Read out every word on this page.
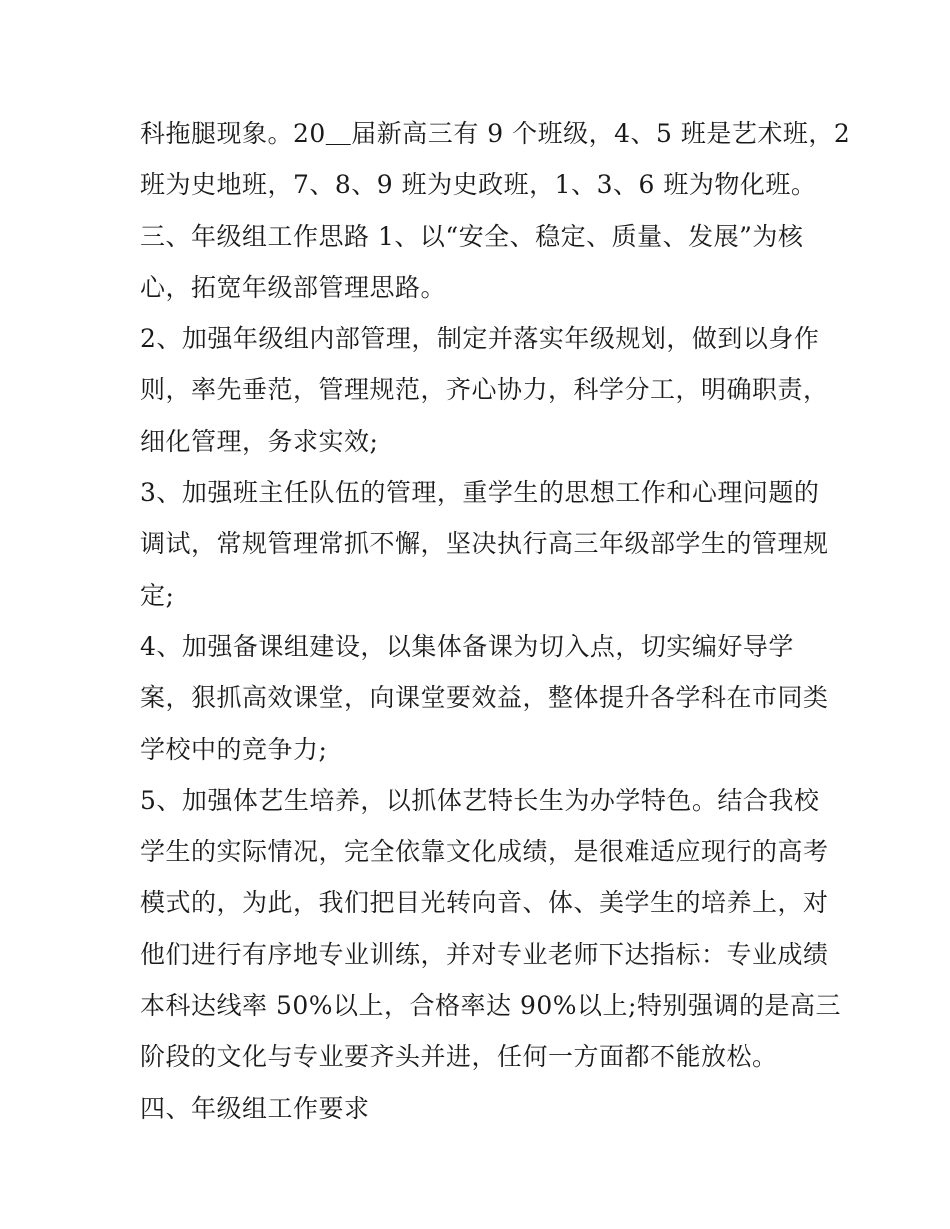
科拖腿现象。20＿届新高三有 9 个班级，4、5 班是艺术班，2
班为史地班，7、8、9 班为史政班，1、3、6 班为物化班。
三、年级组工作思路 1、以“安全、稳定、质量、发展”为核
心，拓宽年级部管理思路。
2、加强年级组内部管理，制定并落实年级规划，做到以身作
则，率先垂范，管理规范，齐心协力，科学分工，明确职责，
细化管理，务求实效;
3、加强班主任队伍的管理，重学生的思想工作和心理问题的
调试，常规管理常抓不懈，坚决执行高三年级部学生的管理规
定;
4、加强备课组建设，以集体备课为切入点，切实编好导学
案，狠抓高效课堂，向课堂要效益，整体提升各学科在市同类
学校中的竞争力;
5、加强体艺生培养，以抓体艺特长生为办学特色。结合我校
学生的实际情况，完全依靠文化成绩，是很难适应现行的高考
模式的，为此，我们把目光转向音、体、美学生的培养上，对
他们进行有序地专业训练，并对专业老师下达指标：专业成绩
本科达线率 50%以上，合格率达 90%以上;特别强调的是高三
阶段的文化与专业要齐头并进，任何一方面都不能放松。
四、年级组工作要求
